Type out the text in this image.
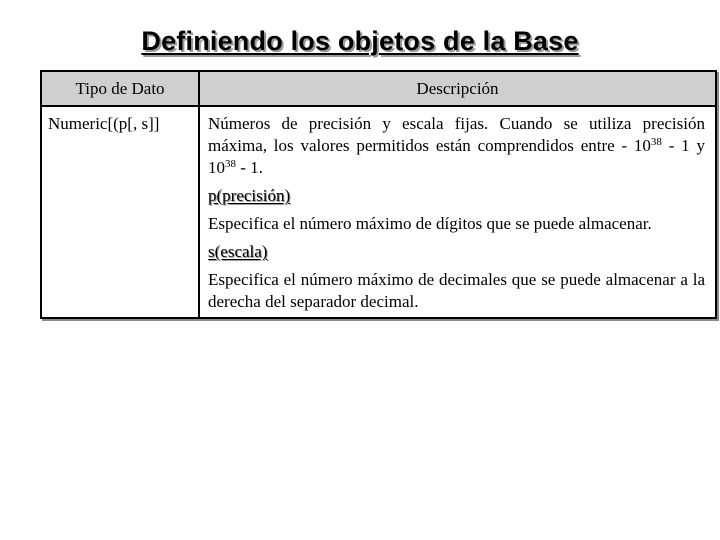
Definiendo los objetos de la Base
Tipo de Dato	Descripción
Numeric[(p[, s]]	Números de precisión y escala fijas. Cuando se utiliza precisión máxima, los valores permitidos están comprendidos entre - $10^{38} - 1$ y $10^{38} - 1$.

p(precisión)

Especifica el número máximo de dígitos que se puede almacenar.

s(escala)

Especifica el número máximo de decimales que se puede almacenar a la derecha del separador decimal.
